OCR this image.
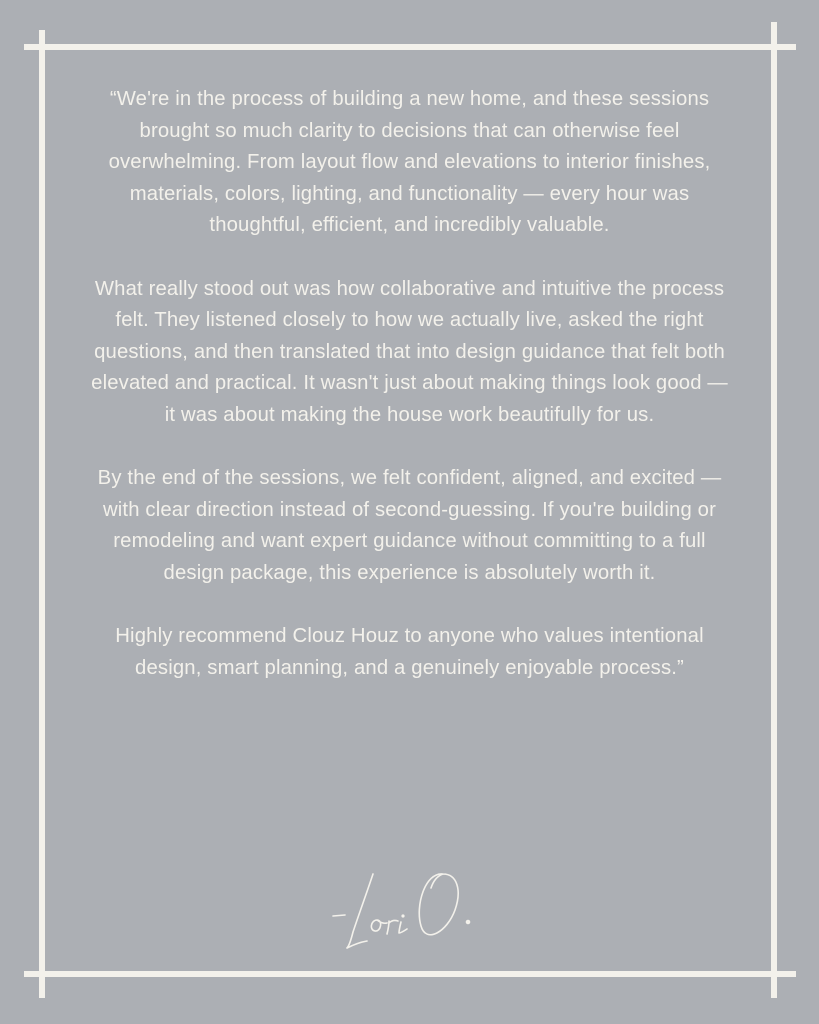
“We're in the process of building a new home, and these sessions brought so much clarity to decisions that can otherwise feel overwhelming. From layout flow and elevations to interior finishes, materials, colors, lighting, and functionality — every hour was thoughtful, efficient, and incredibly valuable.

What really stood out was how collaborative and intuitive the process felt. They listened closely to how we actually live, asked the right questions, and then translated that into design guidance that felt both elevated and practical. It wasn't just about making things look good — it was about making the house work beautifully for us.

By the end of the sessions, we felt confident, aligned, and excited — with clear direction instead of second-guessing. If you're building or remodeling and want expert guidance without committing to a full design package, this experience is absolutely worth it.

Highly recommend Clouz Houz to anyone who values intentional design, smart planning, and a genuinely enjoyable process.”
